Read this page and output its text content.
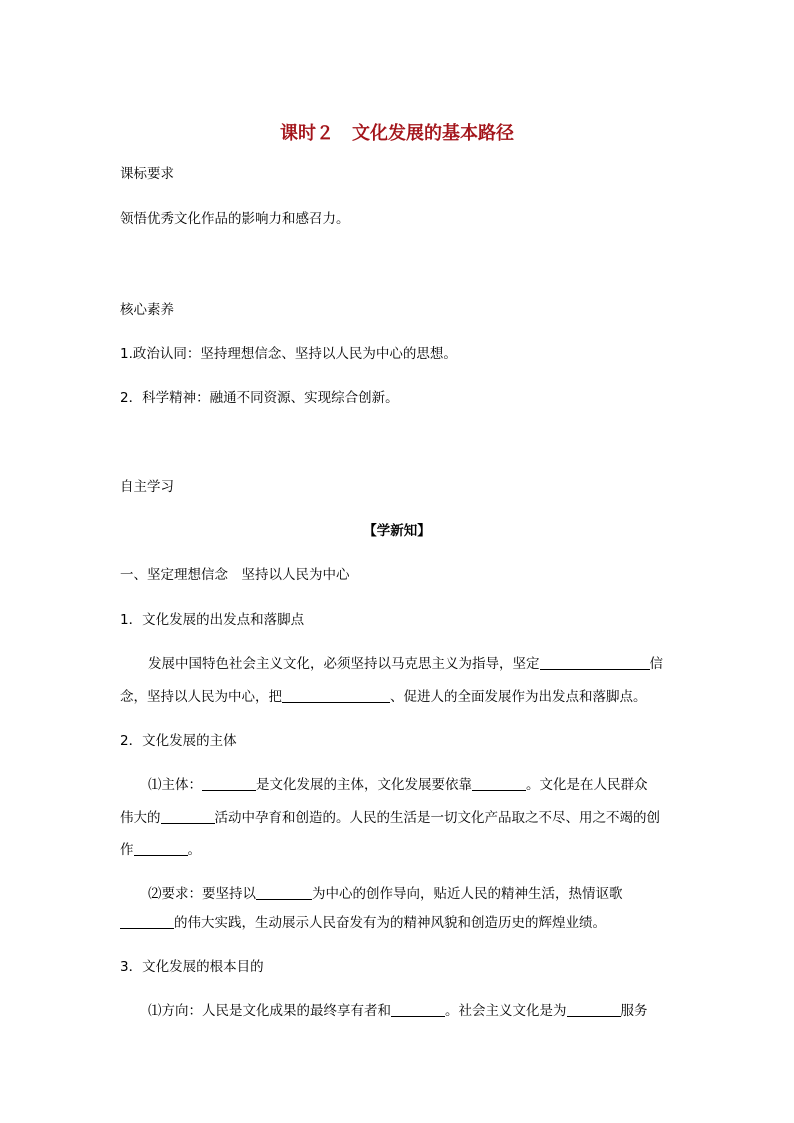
课时２　文化发展的基本路径
课标要求
领悟优秀文化作品的影响力和感召力。
核心素养
1.政治认同：坚持理想信念、坚持以人民为中心的思想。
2．科学精神：融通不同资源、实现综合创新。
自主学习
【学新知】
一、坚定理想信念　坚持以人民为中心
1．文化发展的出发点和落脚点
发展中国特色社会主义文化，必须坚持以马克思主义为指导，坚定	信
念，坚持以人民为中心，把	、促进人的全面发展作为出发点和落脚点。
2．文化发展的主体
⑴主体：	是文化发展的主体，文化发展要依靠	。文化是在人民群众
伟大的	活动中孕育和创造的。人民的生活是一切文化产品取之不尽、用之不竭的创
作	。
⑵要求：要坚持以	为中心的创作导向，贴近人民的精神生活，热情讴歌
的伟大实践，生动展示人民奋发有为的精神风貌和创造历史的辉煌业绩。
3．文化发展的根本目的
⑴方向：人民是文化成果的最终享有者和	。社会主义文化是为	服务
